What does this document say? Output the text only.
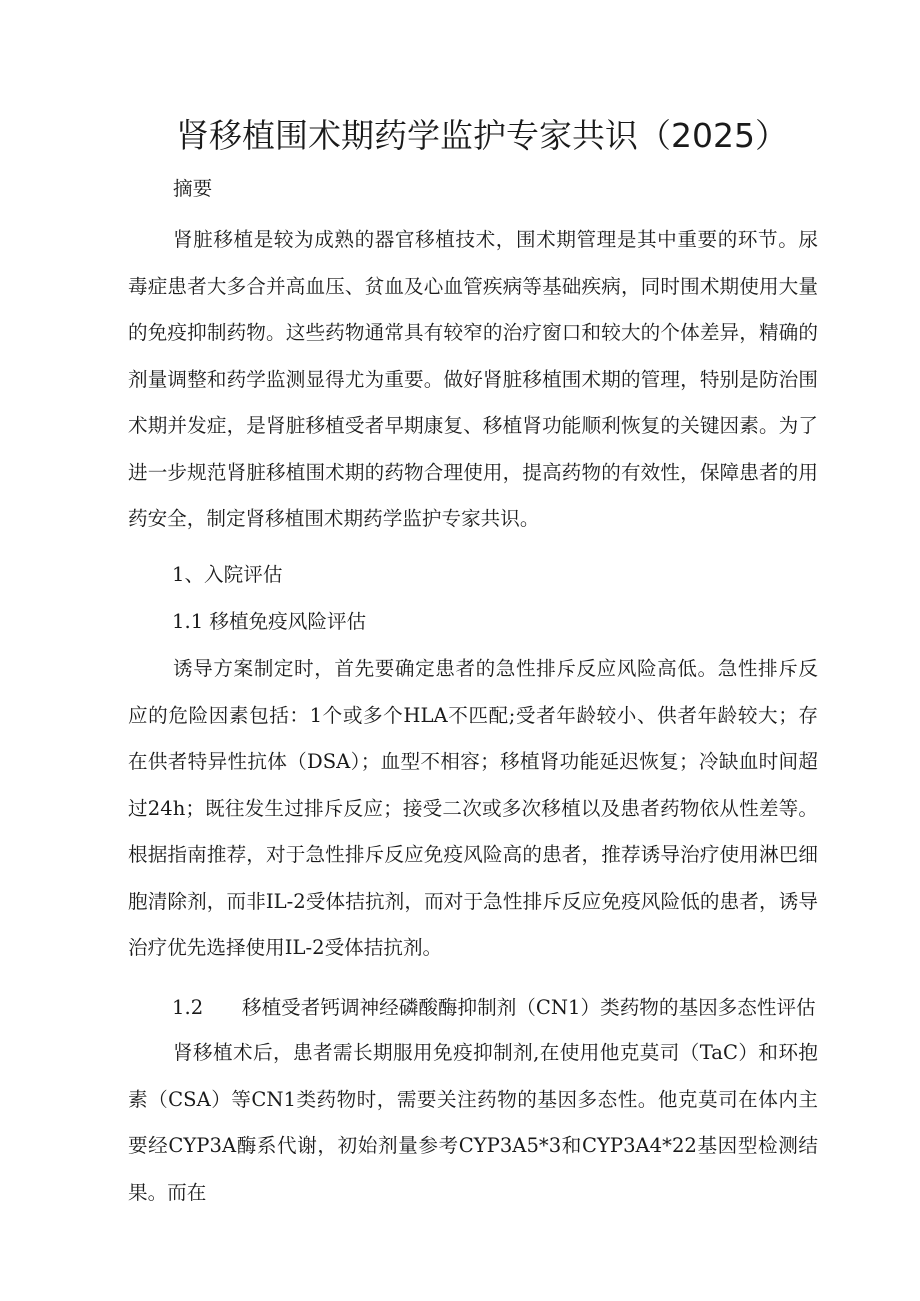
肾移植围术期药学监护专家共识（2025）
摘要

肾脏移植是较为成熟的器官移植技术，围术期管理是其中重要的环节。尿毒症患者大多合并高血压、贫血及心血管疾病等基础疾病，同时围术期使用大量的免疫抑制药物。这些药物通常具有较窄的治疗窗口和较大的个体差异，精确的剂量调整和药学监测显得尤为重要。做好肾脏移植围术期的管理，特别是防治围术期并发症，是肾脏移植受者早期康复、移植肾功能顺利恢复的关键因素。为了进一步规范肾脏移植围术期的药物合理使用，提高药物的有效性，保障患者的用药安全，制定肾移植围术期药学监护专家共识。

1、入院评估
1.1 移植免疫风险评估

诱导方案制定时，首先要确定患者的急性排斥反应风险高低。急性排斥反应的危险因素包括：1个或多个HLA不匹配;受者年龄较小、供者年龄较大；存在供者特异性抗体（DSA）；血型不相容；移植肾功能延迟恢复；冷缺血时间超过24h；既往发生过排斥反应；接受二次或多次移植以及患者药物依从性差等。根据指南推荐，对于急性排斥反应免疫风险高的患者，推荐诱导治疗使用淋巴细胞清除剂，而非IL-2受体拮抗剂，而对于急性排斥反应免疫风险低的患者，诱导治疗优先选择使用IL-2受体拮抗剂。

1.2	移植受者钙调神经磷酸酶抑制剂（CN1）类药物的基因多态性评估

肾移植术后，患者需长期服用免疫抑制剂,在使用他克莫司（TaC）和环抱素（CSA）等CN1类药物时，需要关注药物的基因多态性。他克莫司在体内主要经CYP3A酶系代谢，初始剂量参考CYP3A5*3和CYP3A4*22基因型检测结果。而在
